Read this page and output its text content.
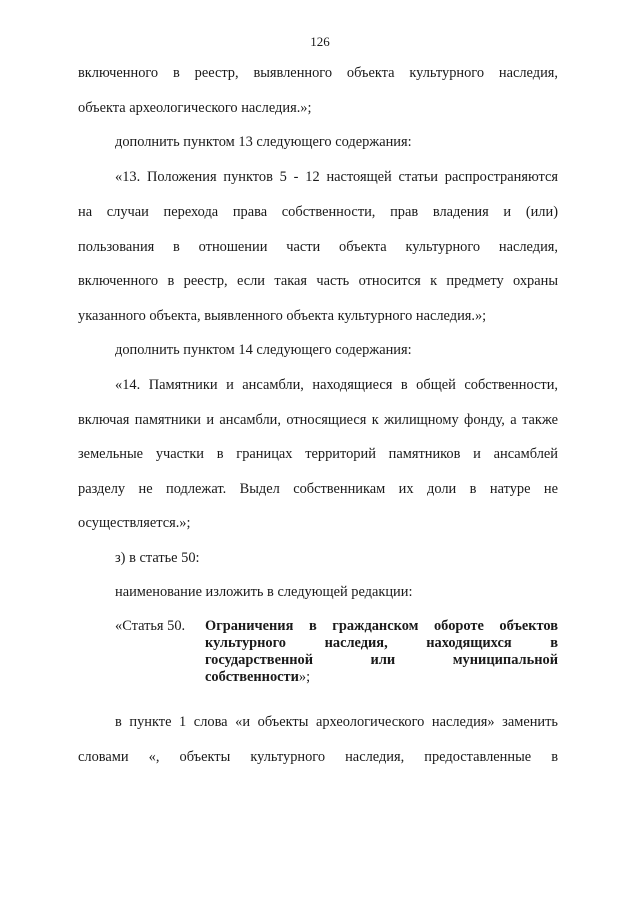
126
включенного в реестр, выявленного объекта культурного наследия,
объекта археологического наследия.»;
дополнить пунктом 13 следующего содержания:
«13. Положения пунктов 5 - 12 настоящей статьи распространяются
на случаи перехода права собственности, прав владения и (или)
пользования в отношении части объекта культурного наследия,
включенного в реестр, если такая часть относится к предмету охраны
указанного объекта, выявленного объекта культурного наследия.»;
дополнить пунктом 14 следующего содержания:
«14. Памятники и ансамбли, находящиеся в общей собственности,
включая памятники и ансамбли, относящиеся к жилищному фонду, а также
земельные участки в границах территорий памятников и ансамблей
разделу не подлежат. Выдел собственникам их доли в натуре не
осуществляется.»;
з) в статье 50:
наименование изложить в следующей редакции:
«Статья 50. Ограничения в гражданском обороте объектов
культурного наследия, находящихся в
государственной или муниципальной
собственности»;
в пункте 1 слова «и объекты археологического наследия» заменить
словами «, объекты культурного наследия, предоставленные в
